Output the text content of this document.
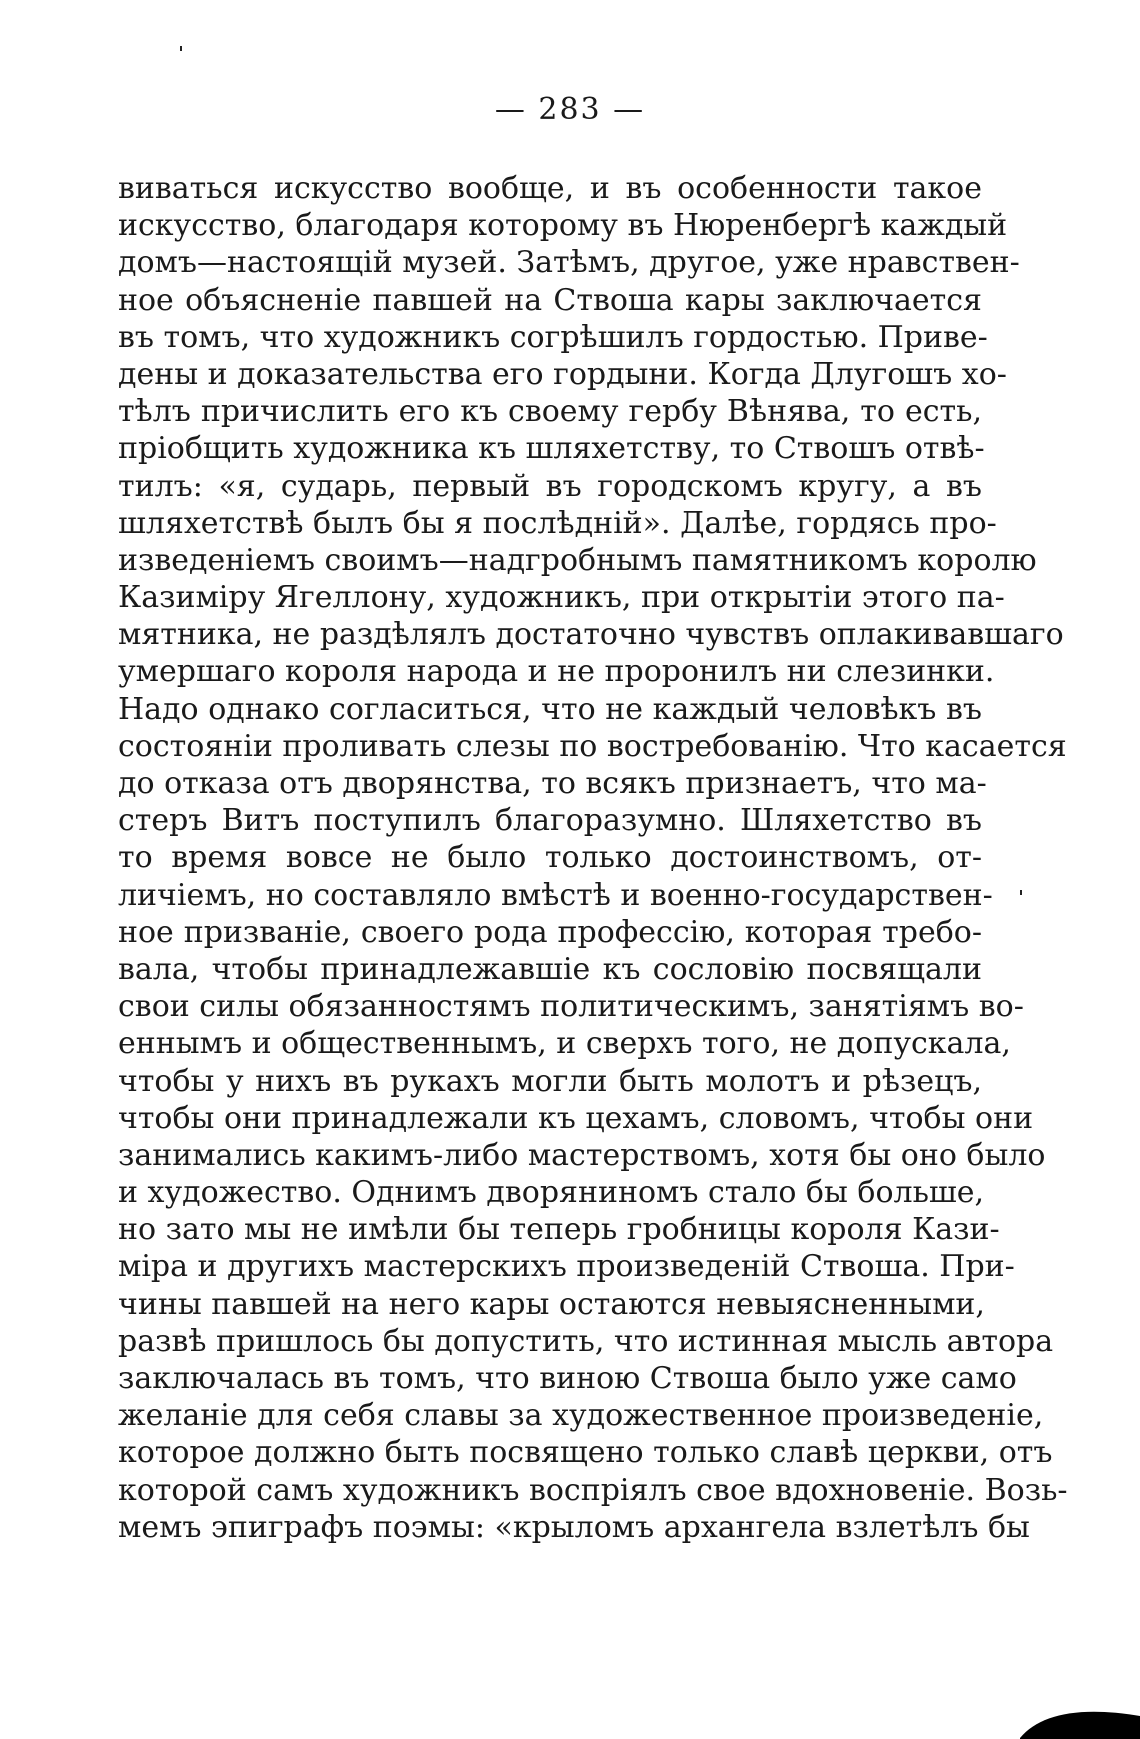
— 283 —
виваться искусство вообще, и въ особенности такое
искусство, благодаря которому въ Нюренбергѣ каждый
домъ—настоящій музей. Затѣмъ, другое, уже нравствен-
ное объясненіе павшей на Ствоша кары заключается
въ томъ, что художникъ согрѣшилъ гордостью. Приве-
дены и доказательства его гордыни. Когда Длугошъ хо-
тѣлъ причислить его къ своему гербу Вѣнява, то есть,
пріобщить художника къ шляхетству, то Ствошъ отвѣ-
тилъ: «я, сударь, первый въ городскомъ кругу, а въ
шляхетствѣ былъ бы я послѣдній». Далѣе, гордясь про-
изведеніемъ своимъ—надгробнымъ памятникомъ королю
Казиміру Ягеллону, художникъ, при открытіи этого па-
мятника, не раздѣлялъ достаточно чувствъ оплакивавшаго
умершаго короля народа и не проронилъ ни слезинки.
Надо однако согласиться, что не каждый человѣкъ въ
состояніи проливать слезы по востребованію. Что касается
до отказа отъ дворянства, то всякъ признаетъ, что ма-
стеръ Витъ поступилъ благоразумно. Шляхетство въ
то время вовсе не было только достоинствомъ, от-
личіемъ, но составляло вмѣстѣ и военно-государствен-
ное призваніе, своего рода профессію, которая требо-
вала, чтобы принадлежавшіе къ сословію посвящали
свои силы обязанностямъ политическимъ, занятіямъ во-
еннымъ и общественнымъ, и сверхъ того, не допускала,
чтобы у нихъ въ рукахъ могли быть молотъ и рѣзецъ,
чтобы они принадлежали къ цехамъ, словомъ, чтобы они
занимались какимъ-либо мастерствомъ, хотя бы оно было
и художество. Однимъ дворяниномъ стало бы больше,
но зато мы не имѣли бы теперь гробницы короля Кази-
міра и другихъ мастерскихъ произведеній Ствоша. При-
чины павшей на него кары остаются невыясненными,
развѣ пришлось бы допустить, что истинная мысль автора
заключалась въ томъ, что виною Ствоша было уже само
желаніе для себя славы за художественное произведеніе,
которое должно быть посвящено только славѣ церкви, отъ
которой самъ художникъ воспріялъ свое вдохновеніе. Возь-
мемъ эпиграфъ поэмы: «крыломъ архангела взлетѣлъ бы
